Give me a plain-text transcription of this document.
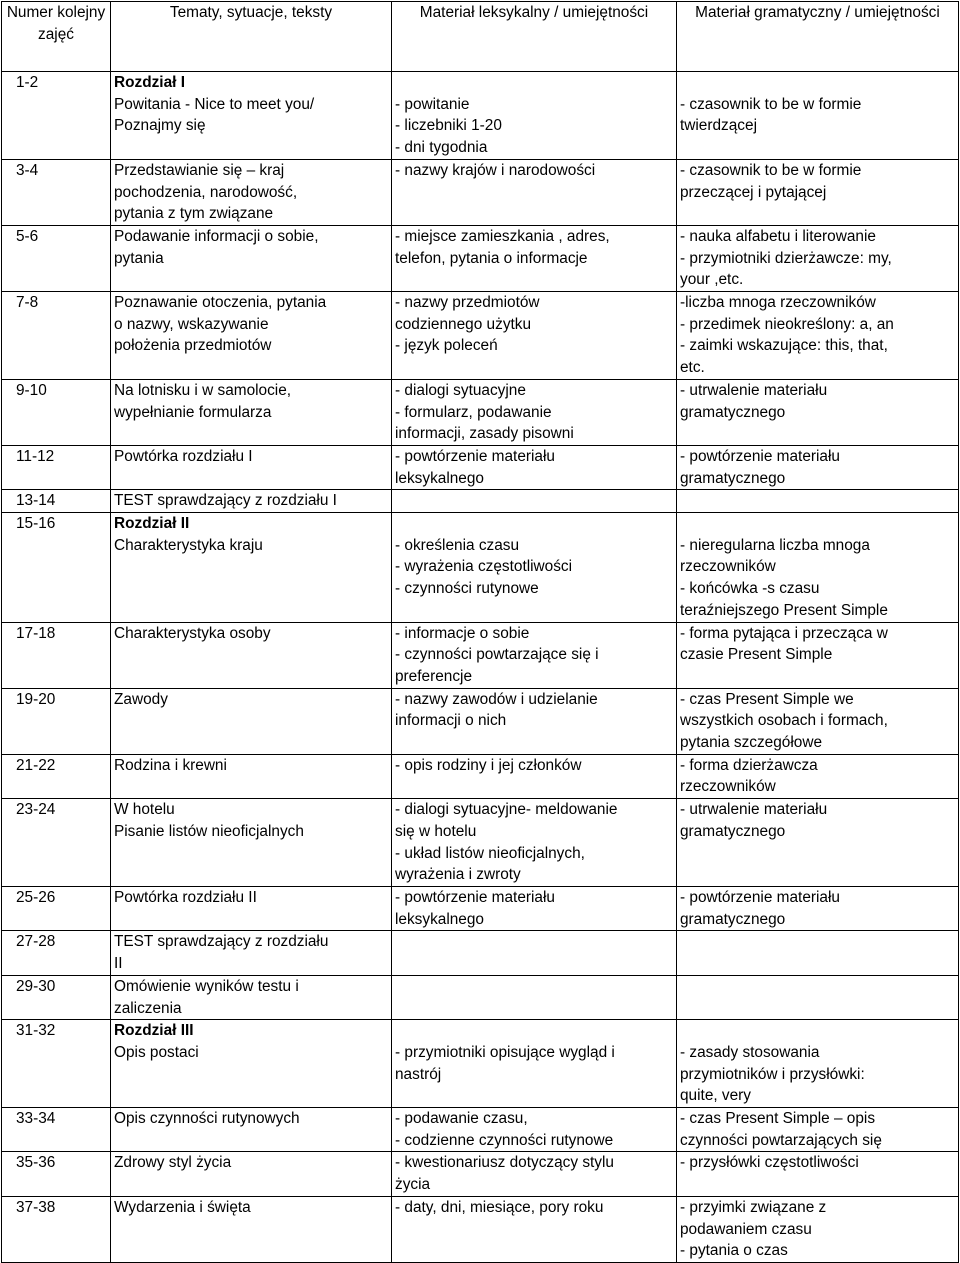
Numer kolejny zajęć	Tematy, sytuacje, teksty	Materiał leksykalny / umiejętności	Materiał gramatyczny / umiejętności
1-2	Rozdział I
Powitania - Nice to meet you/
Poznajmy się	- powitanie
- liczebniki 1-20
- dni tygodnia	- czasownik to be w formie
twierdzącej

3-4	Przedstawianie się – kraj
pochodzenia, narodowość,
pytania z tym związane	- nazwy krajów i narodowości	- czasownik to be w formie
przeczącej i pytającej

5-6	Podawanie informacji o sobie,
pytania	- miejsce zamieszkania , adres,
telefon, pytania o informacje	- nauka alfabetu i literowanie
- przymiotniki dzierżawcze: my,
your ,etc.

7-8	Poznawanie otoczenia, pytania
o nazwy, wskazywanie
położenia przedmiotów	- nazwy przedmiotów
codziennego użytku
- język poleceń	-liczba mnoga rzeczowników
- przedimek nieokreślony: a, an
- zaimki wskazujące: this, that,
etc.

9-10	Na lotnisku i w samolocie,
wypełnianie formularza	- dialogi sytuacyjne
- formularz, podawanie
informacji, zasady pisowni	- utrwalenie materiału
gramatycznego

11-12	Powtórka rozdziału I	- powtórzenie materiału
leksykalnego	- powtórzenie materiału
gramatycznego

13-14	TEST sprawdzający z rozdziału I		

15-16	Rozdział II
Charakterystyka kraju	- określenia czasu
- wyrażenia częstotliwości
- czynności rutynowe	- nieregularna liczba mnoga
rzeczowników
- końcówka -s czasu
teraźniejszego Present Simple

17-18	Charakterystyka osoby	- informacje o sobie
- czynności powtarzające się i
preferencje	- forma pytająca i przecząca w
czasie Present Simple

19-20	Zawody	- nazwy zawodów i udzielanie
informacji o nich	- czas Present Simple we
wszystkich osobach i formach,
pytania szczegółowe

21-22	Rodzina i krewni	- opis rodziny i jej członków	- forma dzierżawcza
rzeczowników

23-24	W hotelu
Pisanie listów nieoficjalnych	- dialogi sytuacyjne- meldowanie
się w hotelu
- układ listów nieoficjalnych,
wyrażenia i zwroty	- utrwalenie materiału
gramatycznego

25-26	Powtórka rozdziału II	- powtórzenie materiału
leksykalnego	- powtórzenie materiału
gramatycznego

27-28	TEST sprawdzający z rozdziału
II		

29-30	Omówienie wyników testu i
zaliczenia		

31-32	Rozdział III
Opis postaci	- przymiotniki opisujące wygląd i
nastrój	- zasady stosowania
przymiotników i przysłówki:
quite, very

33-34	Opis czynności rutynowych	- podawanie czasu,
- codzienne czynności rutynowe	- czas Present Simple – opis
czynności powtarzających się

35-36	Zdrowy styl życia	- kwestionariusz dotyczący stylu
życia	- przysłówki częstotliwości

37-38	Wydarzenia i święta	- daty, dni, miesiące, pory roku	- przyimki związane z
podawaniem czasu
- pytania o czas
